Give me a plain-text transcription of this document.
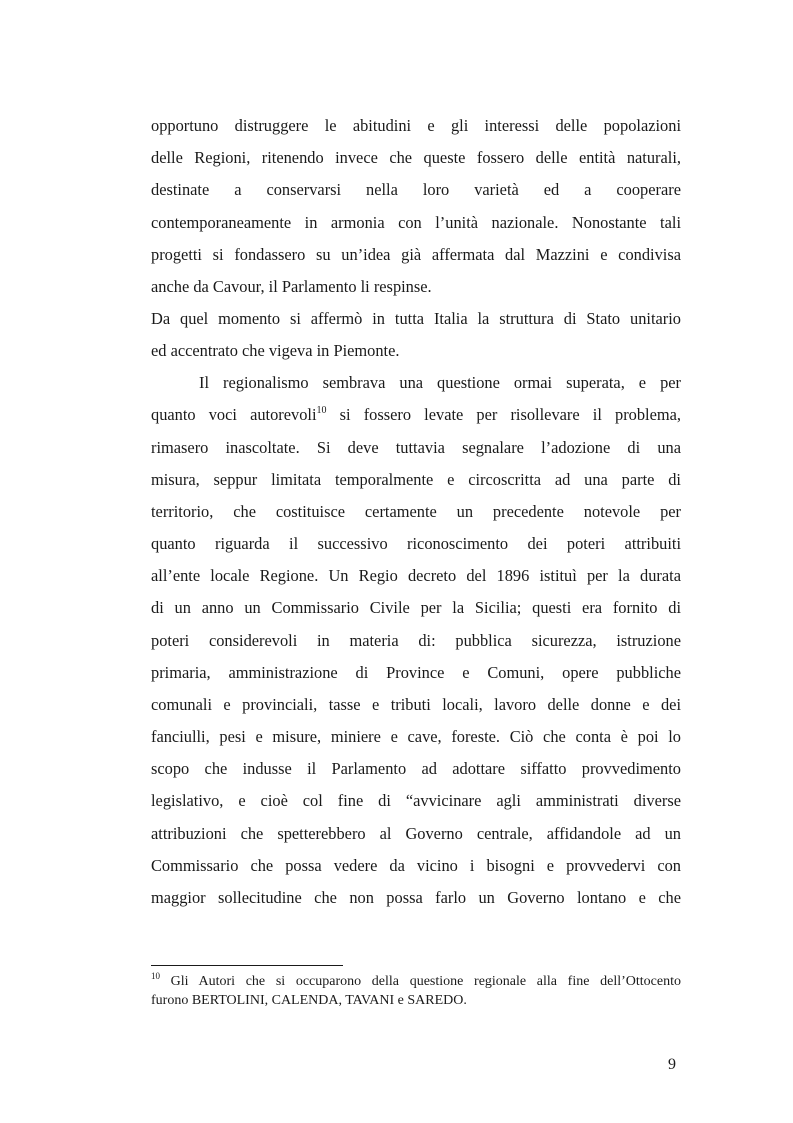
opportuno distruggere le abitudini e gli interessi delle popolazioni
delle Regioni, ritenendo invece che queste fossero delle entità naturali,
destinate a conservarsi nella loro varietà ed a cooperare
contemporaneamente in armonia con l’unità nazionale. Nonostante tali
progetti si fondassero su un’idea già affermata dal Mazzini e condivisa
anche da Cavour, il Parlamento li respinse.
Da quel momento si affermò in tutta Italia la struttura di Stato unitario
ed accentrato che vigeva in Piemonte.
Il regionalismo sembrava una questione ormai superata, e per
quanto voci autorevoli$^{10}$ si fossero levate per risollevare il problema,
rimasero inascoltate. Si deve tuttavia segnalare l’adozione di una
misura, seppur limitata temporalmente e circoscritta ad una parte di
territorio, che costituisce certamente un precedente notevole per
quanto riguarda il successivo riconoscimento dei poteri attribuiti
all’ente locale Regione. Un Regio decreto del 1896 istituì per la durata
di un anno un Commissario Civile per la Sicilia; questi era fornito di
poteri considerevoli in materia di: pubblica sicurezza, istruzione
primaria, amministrazione di Province e Comuni, opere pubbliche
comunali e provinciali, tasse e tributi locali, lavoro delle donne e dei
fanciulli, pesi e misure, miniere e cave, foreste. Ciò che conta è poi lo
scopo che indusse il Parlamento ad adottare siffatto provvedimento
legislativo, e cioè col fine di “avvicinare agli amministrati diverse
attribuzioni che spetterebbero al Governo centrale, affidandole ad un
Commissario che possa vedere da vicino i bisogni e provvedervi con
maggior sollecitudine che non possa farlo un Governo lontano e che
$^{10}$ Gli Autori che si occuparono della questione regionale alla fine dell’Ottocento
furono BERTOLINI, CALENDA, TAVANI e SAREDO.
9
